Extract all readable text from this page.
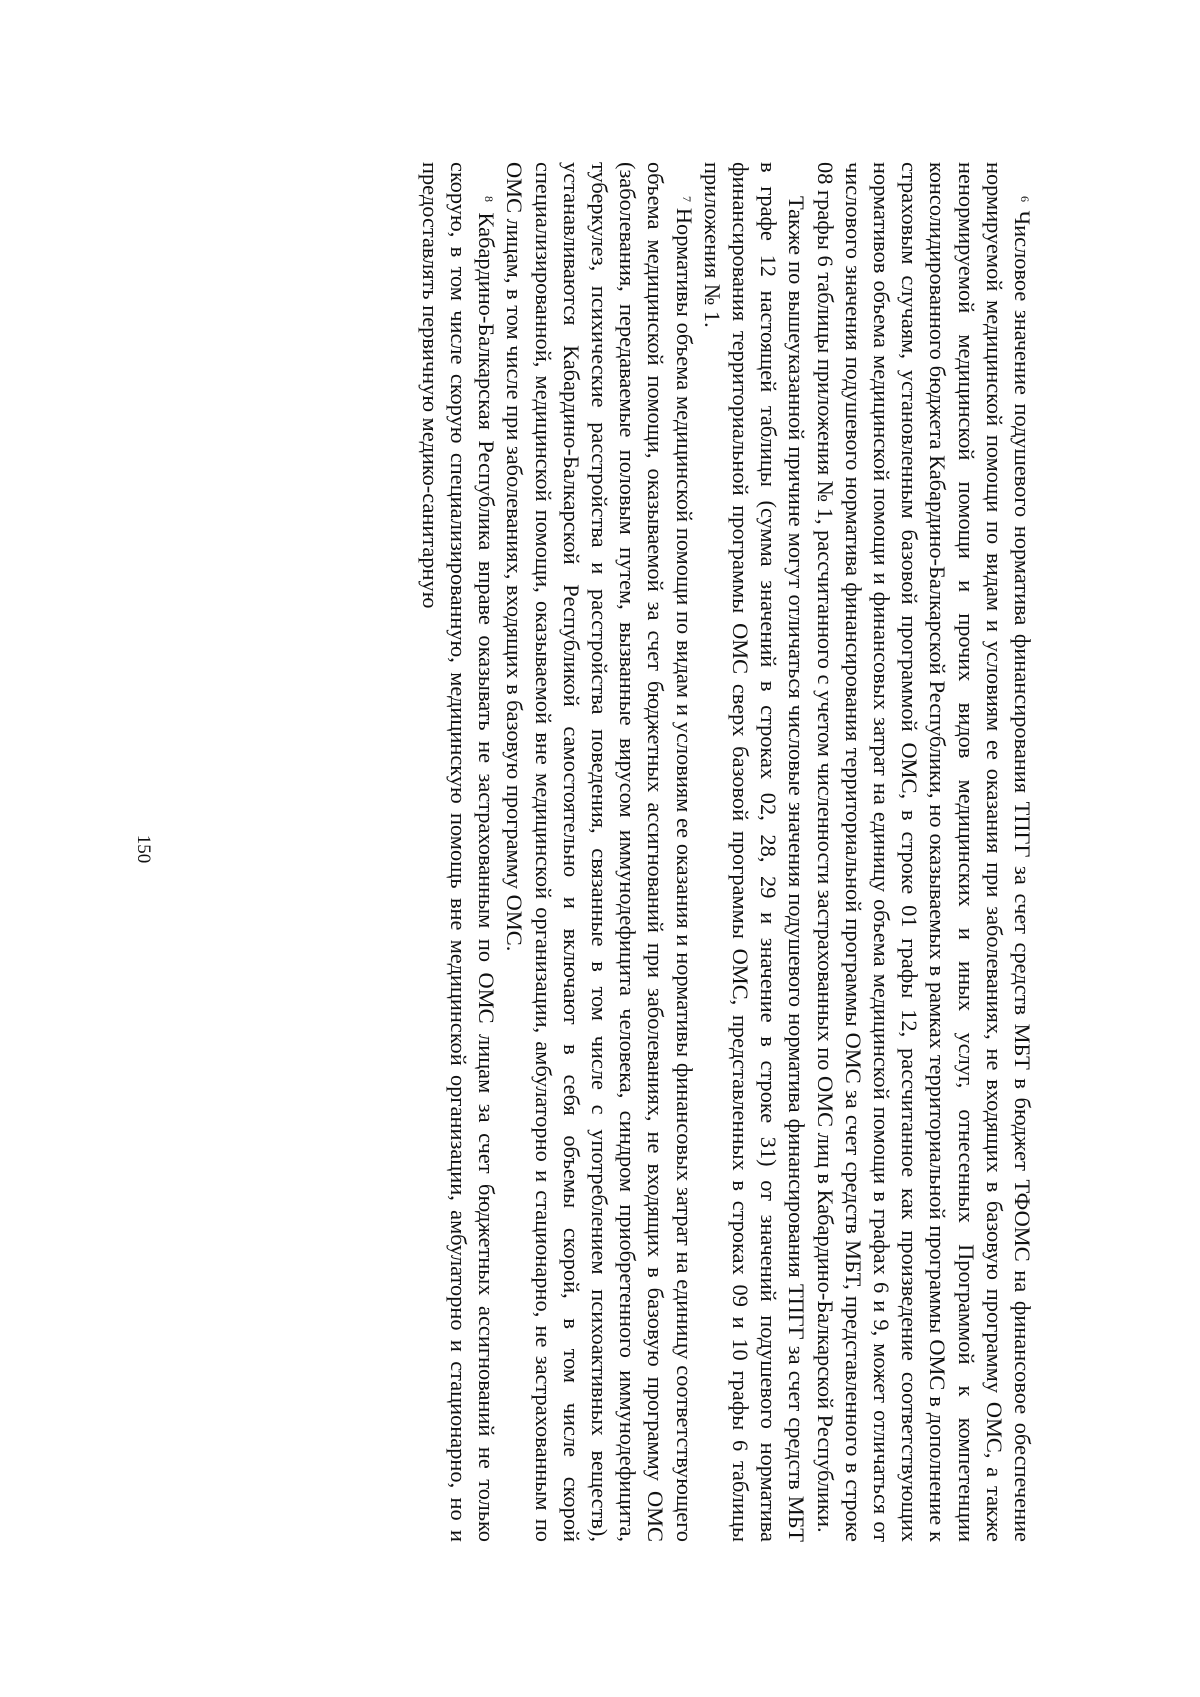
150

$^6$ Числовое значение подушевого норматива финансирования ТПГГ за счет средств МБТ в бюджет ТФОМС на финансовое обеспечение нормируемой медицинской помощи по видам и условиям ее оказания при заболеваниях, не входящих в базовую программу ОМС, а также ненормируемой медицинской помощи и прочих видов медицинских и иных услуг, отнесенных Программой к компетенции консолидированного бюджета Кабардино-Балкарской Республики, но оказываемых в рамках территориальной программы ОМС в дополнение к страховым случаям, установленным базовой программой ОМС, в строке 01 графы 12, рассчитанное как произведение соответствующих нормативов объема медицинской помощи и финансовых затрат на единицу объема медицинской помощи в графах 6 и 9, может отличаться от числового значения подушевого норматива финансирования территориальной программы ОМС за счет средств МБТ, представленного в строке 08 графы 6 таблицы приложения № 1, рассчитанного с учетом численности застрахованных по ОМС лиц в Кабардино-Балкарской Республики.

Также по вышеуказанной причине могут отличаться числовые значения подушевого норматива финансирования ТПГГ за счет средств МБТ в графе 12 настоящей таблицы (сумма значений в строках 02, 28, 29 и значение в строке 31) от значений подушевого норматива финансирования территориальной программы ОМС сверх базовой программы ОМС, представленных в строках 09 и 10 графы 6 таблицы приложения № 1.

$^7$ Нормативы объема медицинской помощи по видам и условиям ее оказания и нормативы финансовых затрат на единицу соответствующего объема медицинской помощи, оказываемой за счет бюджетных ассигнований при заболеваниях, не входящих в базовую программу ОМС (заболевания, передаваемые половым путем, вызванные вирусом иммунодефицита человека, синдром приобретенного иммунодефицита, туберкулез, психические расстройства и расстройства поведения, связанные в том числе с употреблением психоактивных веществ), устанавливаются Кабардино-Балкарской Республикой самостоятельно и включают в себя объемы скорой, в том числе скорой специализированной, медицинской помощи, оказываемой вне медицинской организации, амбулаторно и стационарно, не застрахованным по ОМС лицам, в том числе при заболеваниях, входящих в базовую программу ОМС.

$^8$ Кабардино-Балкарская Республика вправе оказывать не застрахованным по ОМС лицам за счет бюджетных ассигнований не только скорую, в том числе скорую специализированную, медицинскую помощь вне медицинской организации, амбулаторно и стационарно, но и предоставлять первичную медико-санитарную
